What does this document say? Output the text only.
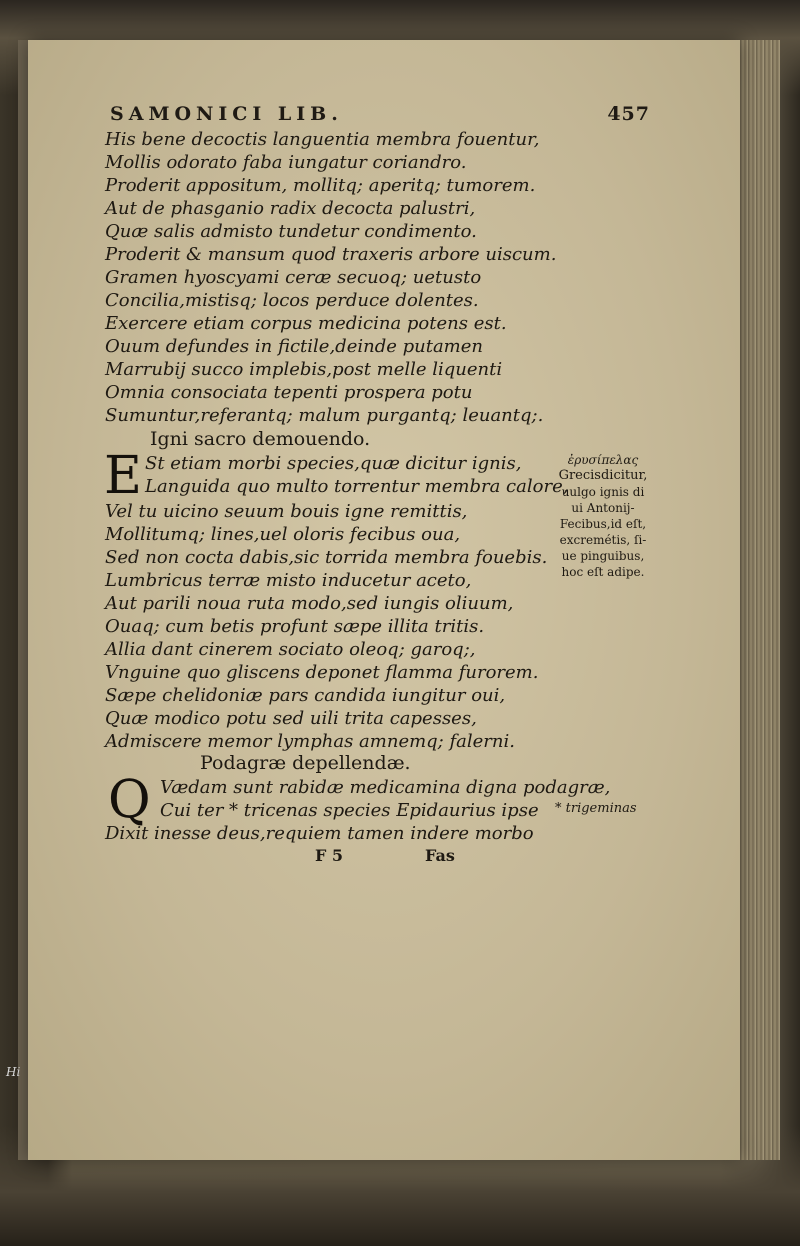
Hi
SAMONICI LIB.	457
His bene decoctis languentia membra fouentur,
Mollis odorato faba iungatur coriandro.
Proderit appositum, mollitq; aperitq; tumorem.
Aut de phasganio radix decocta palustri,
Quæ salis admisto tundetur condimento.
Proderit & mansum quod traxeris arbore uiscum.
Gramen hyoscyami ceræ secuoq; uetusto
Concilia,mistisq; locos perduce dolentes.
Exercere etiam corpus medicina potens est.
Ouum defundes in fictile,deinde putamen
Marrubij succo implebis,post melle liquenti
Omnia consociata tepenti prospera potu
Sumuntur,referantq; malum purgantq; leuantq;.
Igni sacro demouendo.
E St etiam morbi species,quæ dicitur ignis,
Languida quo multo torrentur membra calore,
Vel tu uicino seuum bouis igne remittis,
Mollitumq; lines,uel oloris fecibus oua,
Sed non cocta dabis,sic torrida membra fouebis.
Lumbricus terræ misto inducetur aceto,
Aut parili noua ruta modo,sed iungis oliuum,
Ouaq; cum betis profunt sæpe illita tritis.
Allia dant cinerem sociato oleoq; garoq;,
Vnguine quo gliscens deponet flamma furorem.
Sæpe chelidoniæ pars candida iungitur oui,
Quæ modico potu sed uili trita capesses,
Admiscere memor lymphas amnemq; falerni.
ἐρυσίπελας
Grecisdicitur,
uulgo ignis di
ui Antonij-
Fecibus,id eſt,
excremétis, ſi-
ue pinguibus,
hoc eſt adipe.
Podagræ depellendæ.
Q Vædam sunt rabidæ medicamina digna podagræ,
Cui ter * tricenas species Epidaurius ipse
Dixit inesse deus,requiem tamen indere morbo
* trigeminas
F 5	Fas
